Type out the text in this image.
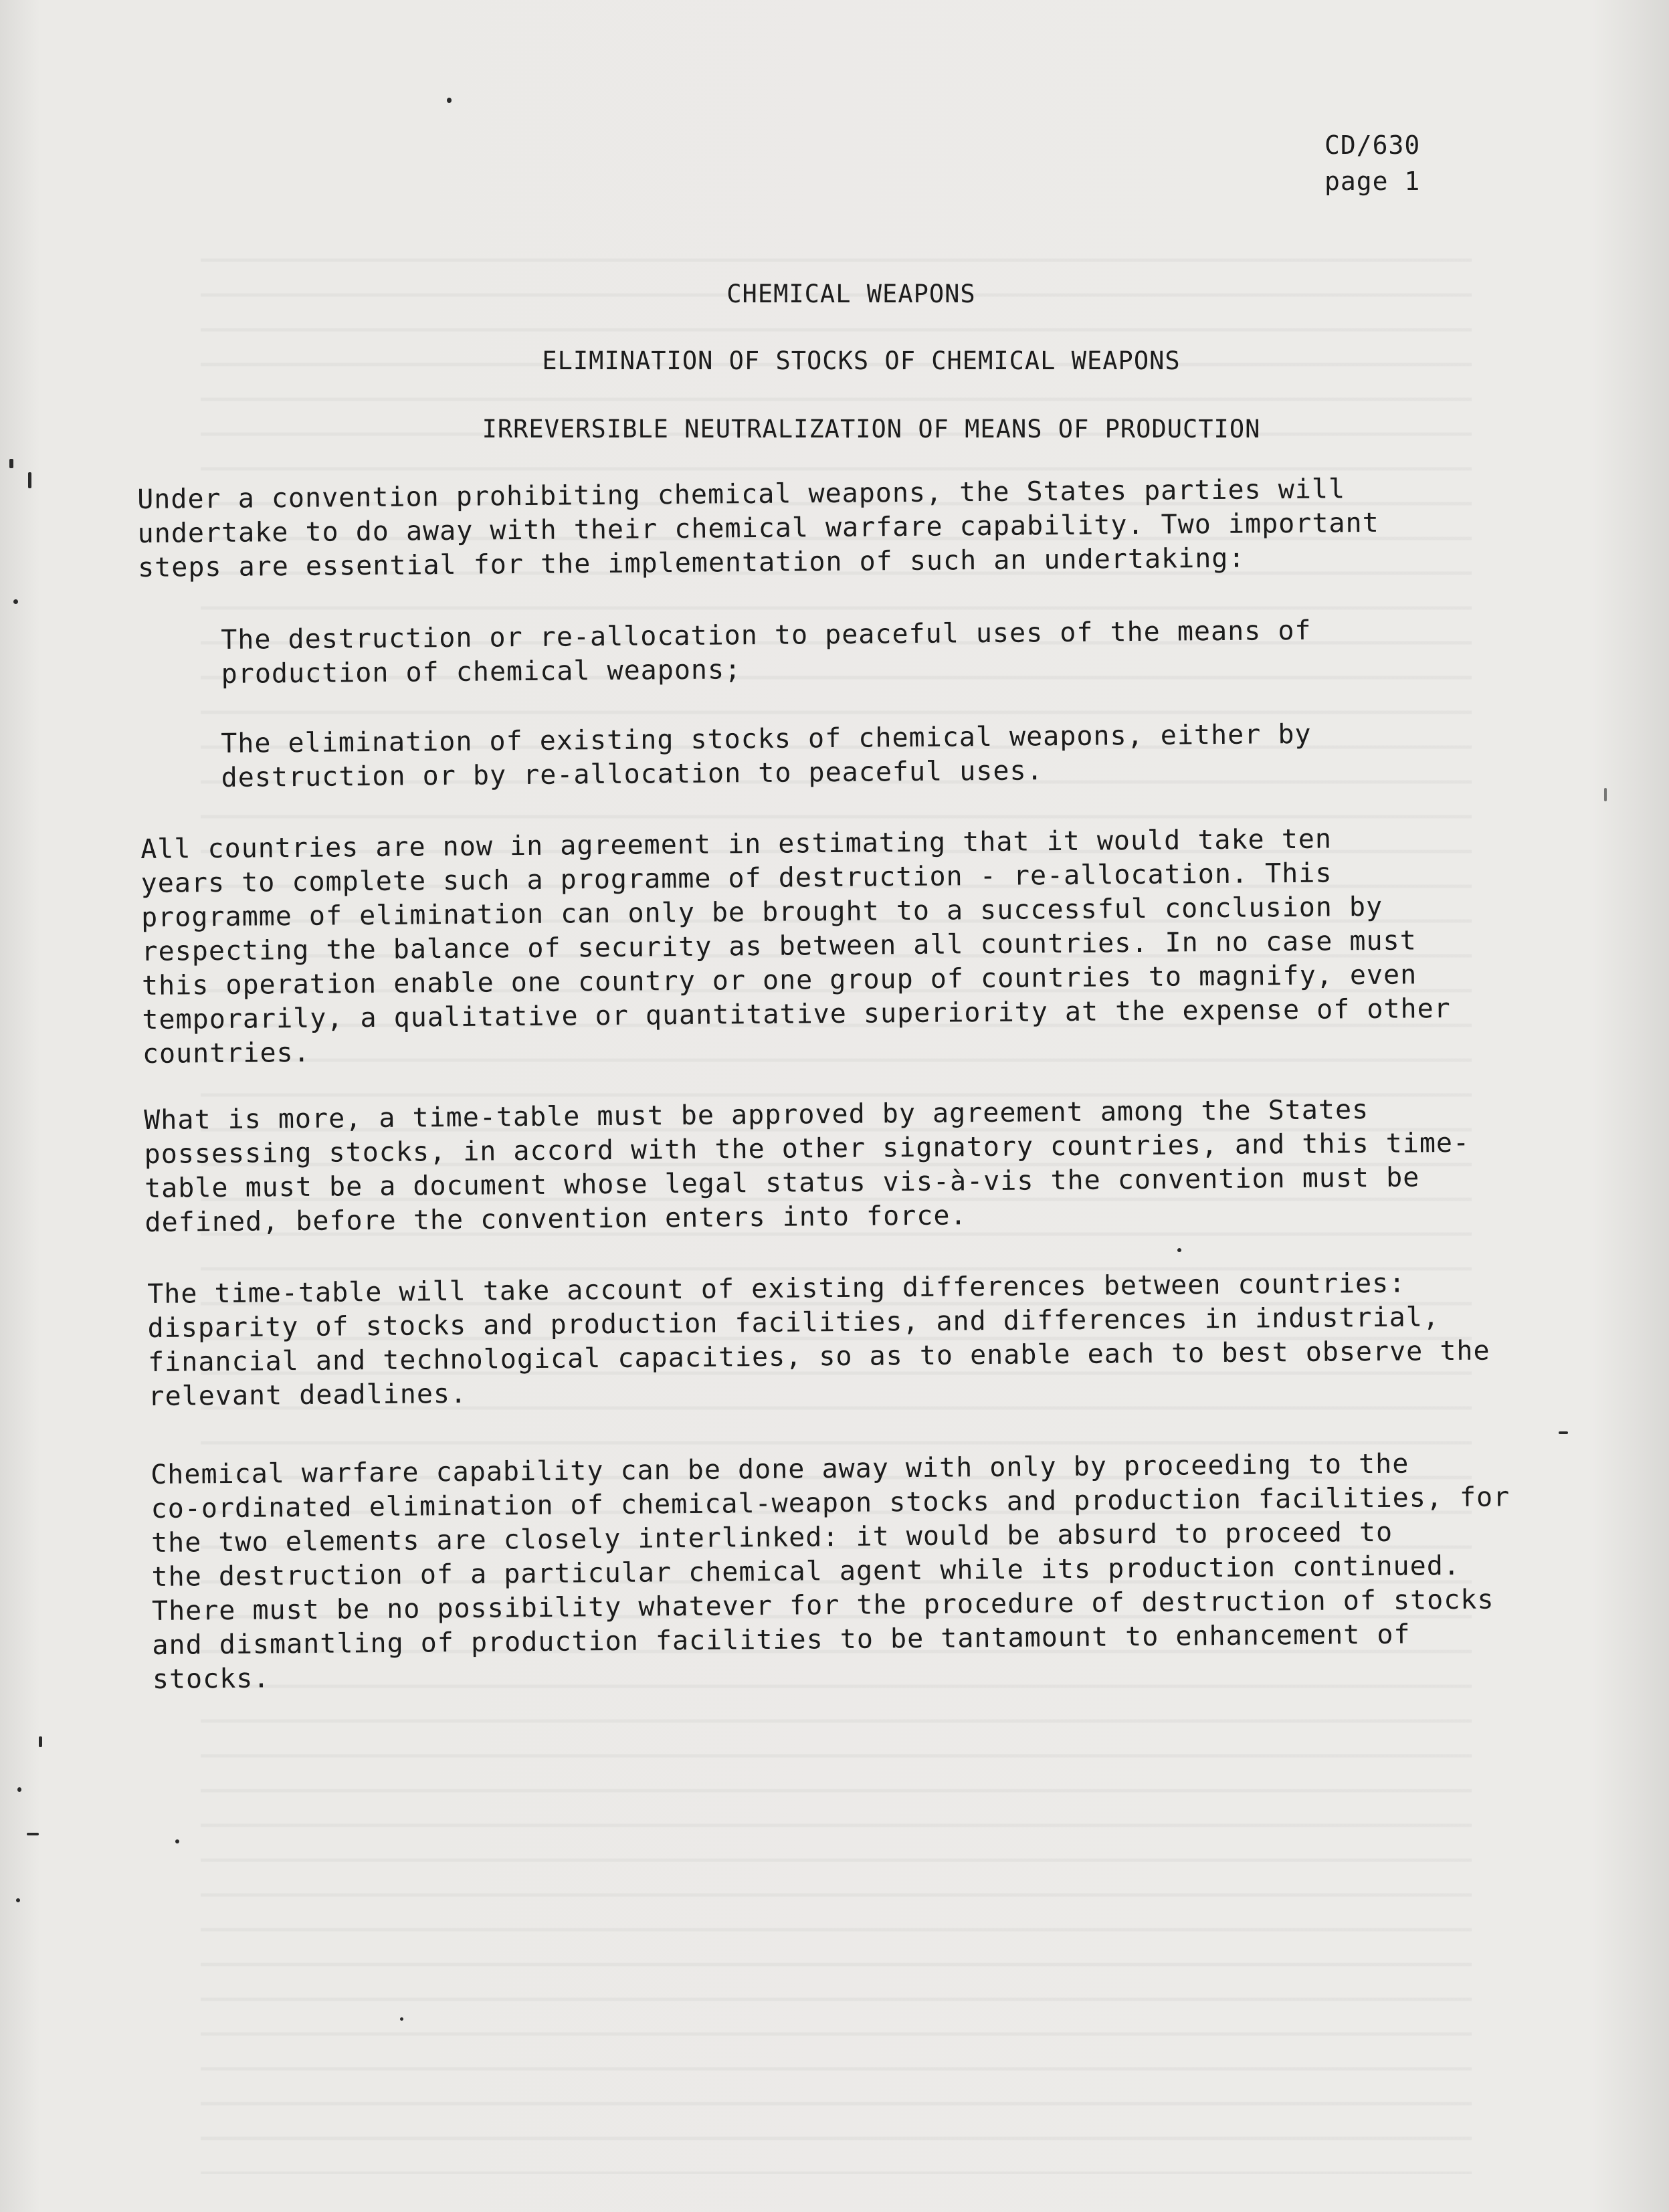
CD/630
page 1
CHEMICAL WEAPONS
ELIMINATION OF STOCKS OF CHEMICAL WEAPONS
IRREVERSIBLE NEUTRALIZATION OF MEANS OF PRODUCTION
Under a convention prohibiting chemical weapons, the States parties will
undertake to do away with their chemical warfare capability. Two important
steps are essential for the implementation of such an undertaking:
The destruction or re-allocation to peaceful uses of the means of
production of chemical weapons;
The elimination of existing stocks of chemical weapons, either by
destruction or by re-allocation to peaceful uses.
All countries are now in agreement in estimating that it would take ten
years to complete such a programme of destruction - re-allocation. This
programme of elimination can only be brought to a successful conclusion by
respecting the balance of security as between all countries. In no case must
this operation enable one country or one group of countries to magnify, even
temporarily, a qualitative or quantitative superiority at the expense of other
countries.
What is more, a time-table must be approved by agreement among the States
possessing stocks, in accord with the other signatory countries, and this time-
table must be a document whose legal status vis-à-vis the convention must be
defined, before the convention enters into force.
The time-table will take account of existing differences between countries:
disparity of stocks and production facilities, and differences in industrial,
financial and technological capacities, so as to enable each to best observe the
relevant deadlines.
Chemical warfare capability can be done away with only by proceeding to the
co-ordinated elimination of chemical-weapon stocks and production facilities, for
the two elements are closely interlinked: it would be absurd to proceed to
the destruction of a particular chemical agent while its production continued.
There must be no possibility whatever for the procedure of destruction of stocks
and dismantling of production facilities to be tantamount to enhancement of
stocks.
